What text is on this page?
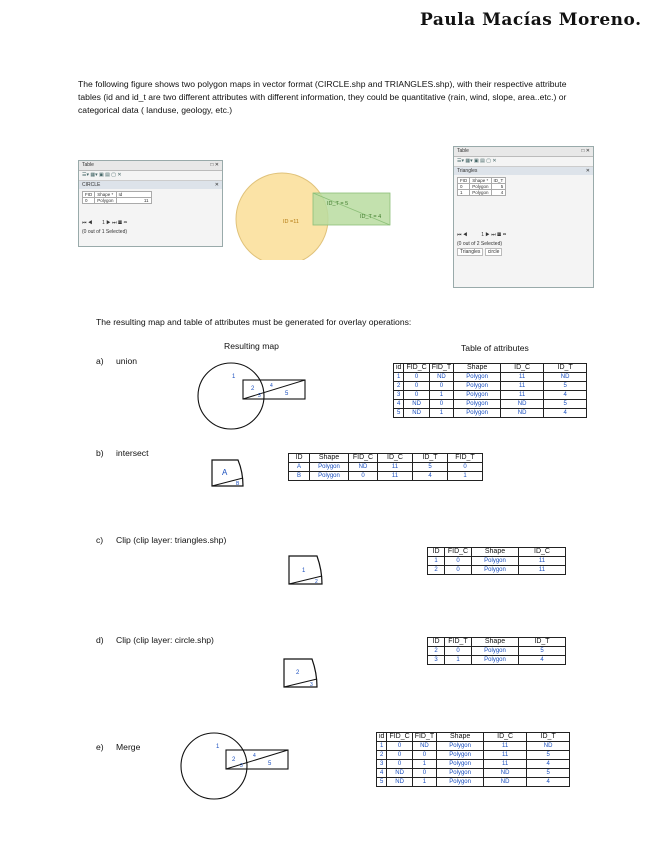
Paula Macías Moreno.
The following figure shows two polygon maps in vector format (CIRCLE.shp and TRIANGLES.shp), with their respective attribute tables (id and id_t are two different attributes with different information, they could be quantitative (rain, wind, slope, area..etc.) or categorical data ( landuse, geology, etc.)
Table	□ ✕
☰▾ ▦▾ ▣ ▤ ▢ ✕
CIRCLE	✕
FID	Shape *	Id
0	Polygon	11
⏮ ◀       1 ▶ ⏭ ▦ ▭
(0 out of 1 Selected)
ID =11
ID_T = 5
ID_T = 4
Table	□ ✕
☰▾ ▦▾ ▣ ▤ ▢ ✕
Triangles	✕
FID	Shape *	ID_T
0	Polygon	5
1	Polygon	4
⏮ ◀          1 ▶ ⏭ ▦ ▭
(0 out of 2 Selected)
Triangles circle
The resulting map and table of attributes must be generated for overlay operations:
Resulting map	Table of attributes
a) union
1
2
3
4
5
id	FID_C	FID_T	Shape	ID_C	ID_T
1	0	ND	Polygon	11	ND
2	0	0	Polygon	11	5
3	0	1	Polygon	11	4
4	ND	0	Polygon	ND	5
5	ND	1	Polygon	ND	4
b) intersect
A
B
ID	Shape	FID_C	ID_C	ID_T	FID_T
A	Polygon	ND	11	5	0
B	Polygon	0	11	4	1
c) Clip (clip layer: triangles.shp)
1
2
ID	FID_C	Shape	ID_C
1	0	Polygon	11
2	0	Polygon	11
d) Clip (clip layer: circle.shp)
2
3
ID	FID_T	Shape	ID_T
2	0	Polygon	5
3	1	Polygon	4
e) Merge	1
2
3
4
5
id	FID_C	FID_T	Shape	ID_C	ID_T
1	0	ND	Polygon	11	ND
2	0	0	Polygon	11	5
3	0	1	Polygon	11	4
4	ND	0	Polygon	ND	5
5	ND	1	Polygon	ND	4
